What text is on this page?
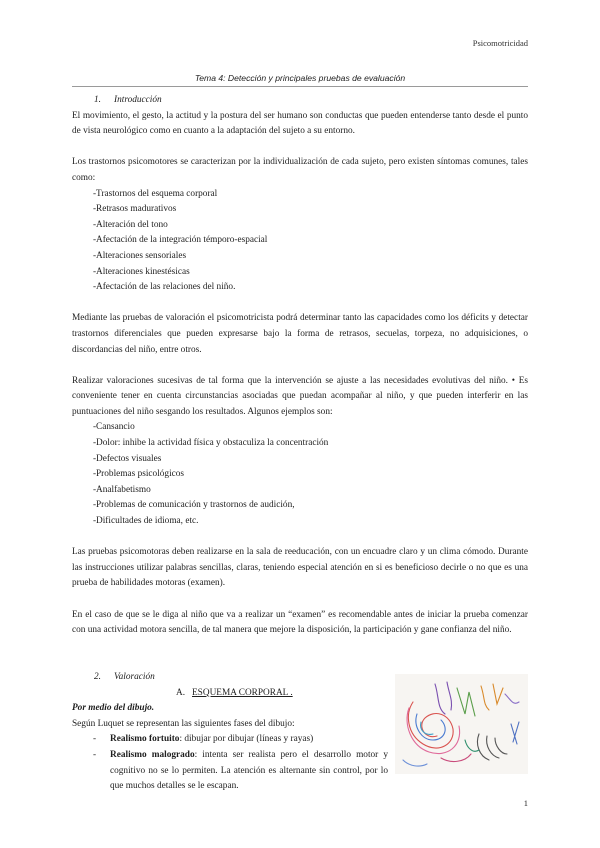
Psicomotricidad
Tema 4: Detección y principales pruebas de evaluación
1. Introducción

El movimiento, el gesto, la actitud y la postura del ser humano son conductas que pueden entenderse tanto desde el punto de vista neurológico como en cuanto a la adaptación del sujeto a su entorno.

Los trastornos psicomotores se caracterizan por la individualización de cada sujeto, pero existen síntomas comunes, tales como:

- Trastornos del esquema corporal
- Retrasos madurativos
- Alteración del tono
- Afectación de la integración témporo-espacial
- Alteraciones sensoriales
- Alteraciones kinestésicas
- Afectación de las relaciones del niño.

Mediante las pruebas de valoración el psicomotricista podrá determinar tanto las capacidades como los déficits y detectar trastornos diferenciales que pueden expresarse bajo la forma de retrasos, secuelas, torpeza, no adquisiciones, o discordancias del niño, entre otros.

Realizar valoraciones sucesivas de tal forma que la intervención se ajuste a las necesidades evolutivas del niño. • Es conveniente tener en cuenta circunstancias asociadas que puedan acompañar al niño, y que pueden interferir en las puntuaciones del niño sesgando los resultados. Algunos ejemplos son:

- Cansancio
- Dolor: inhibe la actividad física y obstaculiza la concentración
- Defectos visuales
- Problemas psicológicos
- Analfabetismo
- Problemas de comunicación y trastornos de audición,
- Dificultades de idioma, etc.

Las pruebas psicomotoras deben realizarse en la sala de reeducación, con un encuadre claro y un clima cómodo. Durante las instrucciones utilizar palabras sencillas, claras, teniendo especial atención en si es beneficioso decirle o no que es una prueba de habilidades motoras (examen).

En el caso de que se le diga al niño que va a realizar un “examen” es recomendable antes de iniciar la prueba comenzar con una actividad motora sencilla, de tal manera que mejore la disposición, la participación y gane confianza del niño.

2. Valoración
A. ESQUEMA CORPORAL .
Por medio del dibujo.
Según Luquet se representan las siguientes fases del dibujo:
- Realismo fortuito: dibujar por dibujar (líneas y rayas)
- Realismo malogrado: intenta ser realista pero el desarrollo motor y cognitivo no se lo permiten. La atención es alternante sin control, por lo que muchos detalles se le escapan.
1
